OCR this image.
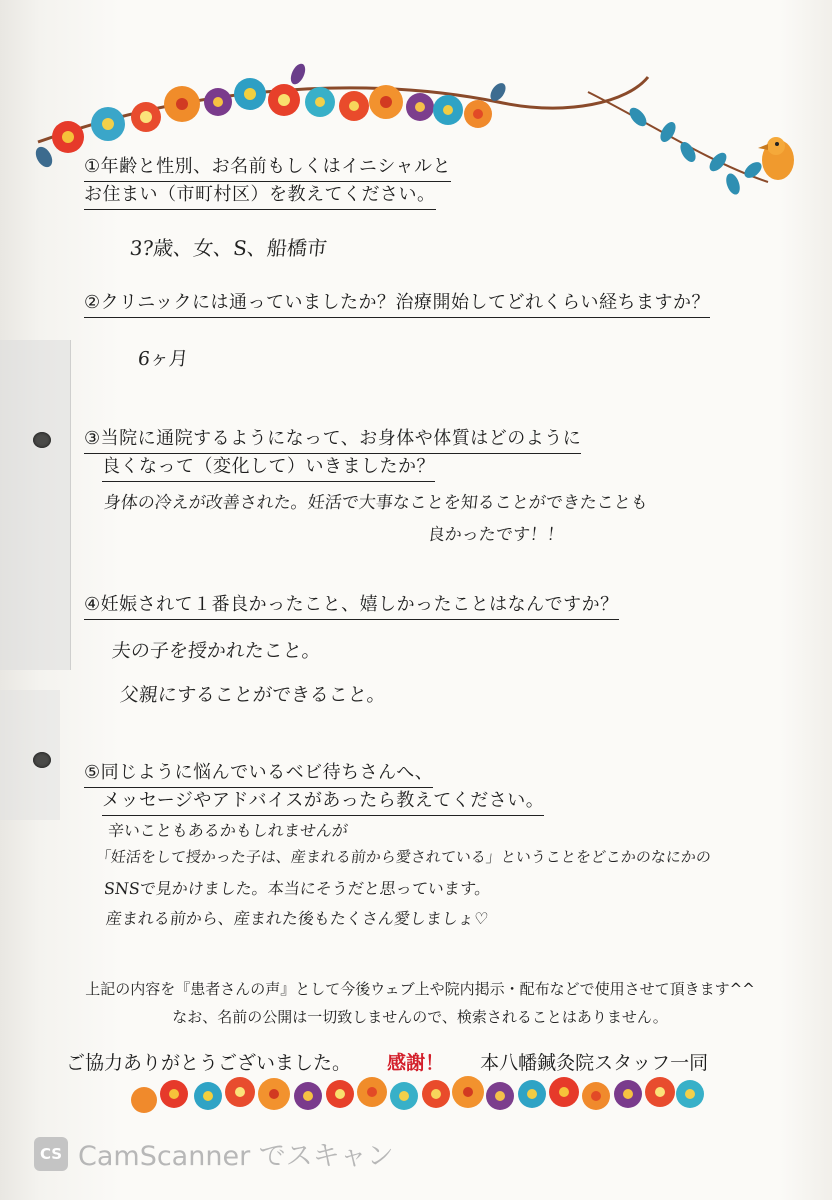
①年齢と性別、お名前もしくはイニシャルと
お住まい（市町村区）を教えてください。
3?歳、女、S、船橋市
②クリニックには通っていましたか？治療開始してどれくらい経ちますか？
6ヶ月
③当院に通院するようになって、お身体や体質はどのように
良くなって（変化して）いきましたか？
身体の冷えが改善された。妊活で大事なことを知ることができたことも
良かったです！！
④妊娠されて１番良かったこと、嬉しかったことはなんですか？
夫の子を授かれたこと。
父親にすることができること。
⑤同じように悩んでいるベビ待ちさんへ、
メッセージやアドバイスがあったら教えてください。
辛いこともあるかもしれませんが
「妊活をして授かった子は、産まれる前から愛されている」ということをどこかのなにかの
SNSで見かけました。本当にそうだと思っています。
産まれる前から、産まれた後もたくさん愛しましょ♡
上記の内容を『患者さんの声』として今後ウェブ上や院内掲示・配布などで使用させて頂きます^^
なお、名前の公開は一切致しませんので、検索されることはありません。
ご協力ありがとうございました。 感謝！ 本八幡鍼灸院スタッフ一同
CS CamScanner でスキャン
